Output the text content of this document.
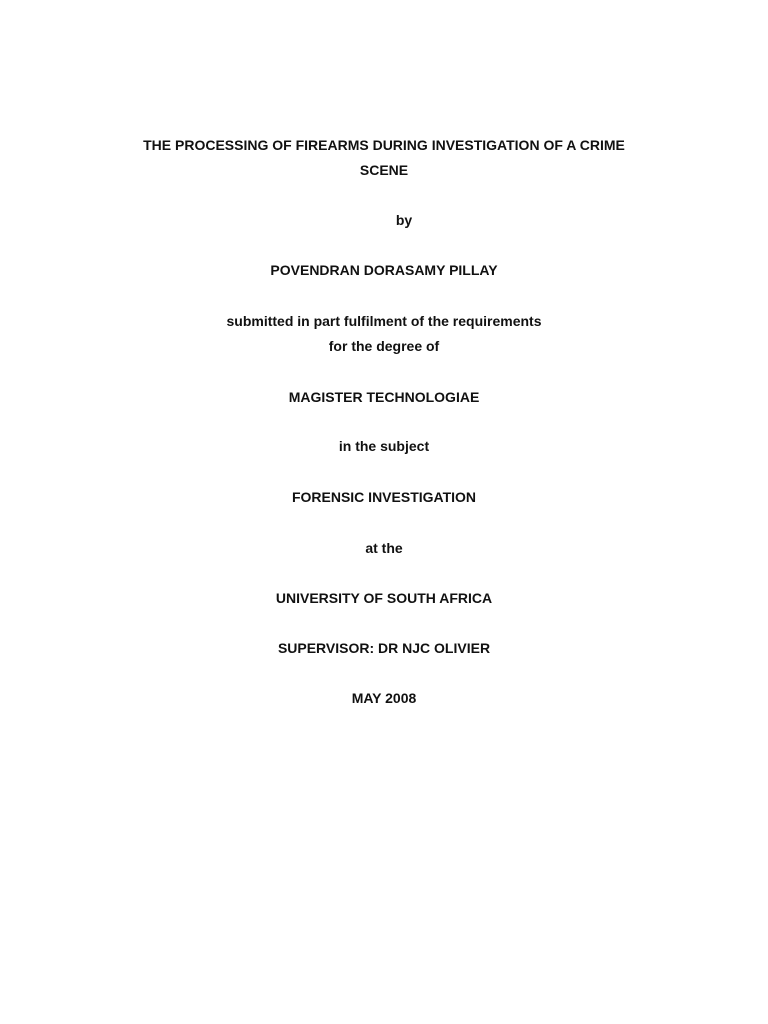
THE PROCESSING OF FIREARMS DURING INVESTIGATION OF A CRIME
SCENE
by
POVENDRAN DORASAMY PILLAY
submitted in part fulfilment of the requirements
for the degree of
MAGISTER TECHNOLOGIAE
in the subject
FORENSIC INVESTIGATION
at the
UNIVERSITY OF SOUTH AFRICA
SUPERVISOR: DR NJC OLIVIER
MAY 2008
